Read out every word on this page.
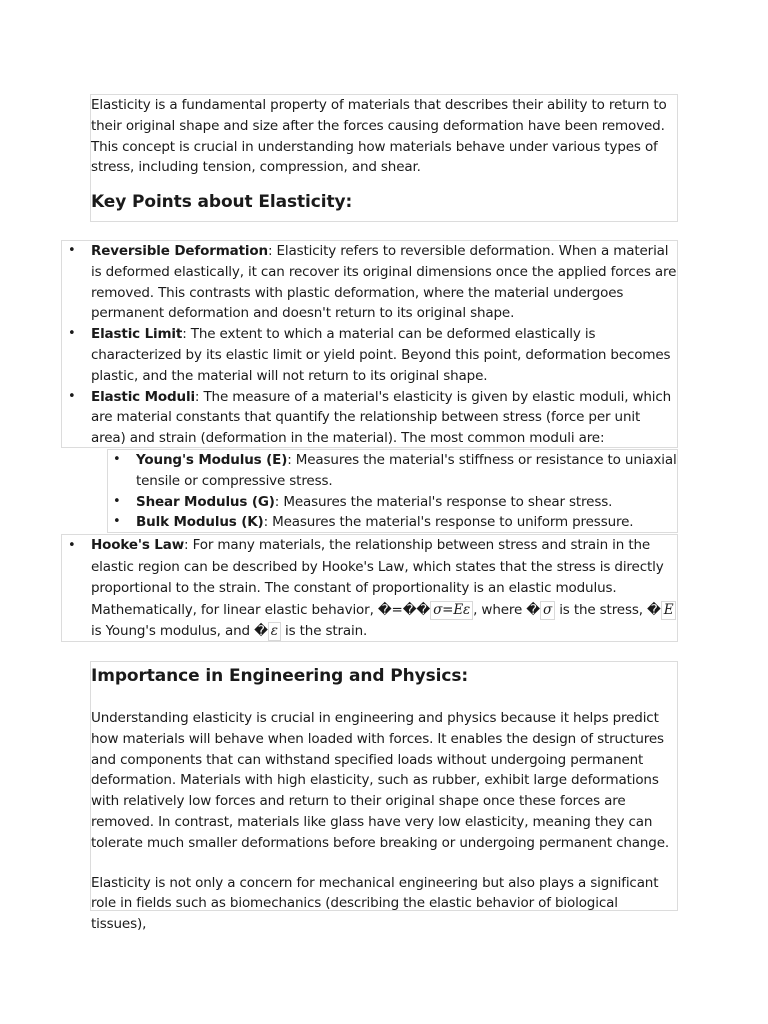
Elasticity is a fundamental property of materials that describes their ability to return to their original shape and size after the forces causing deformation have been removed. This concept is crucial in understanding how materials behave under various types of stress, including tension, compression, and shear.

Key Points about Elasticity:
• Reversible Deformation: Elasticity refers to reversible deformation. When a material is deformed elastically, it can recover its original dimensions once the applied forces are removed. This contrasts with plastic deformation, where the material undergoes permanent deformation and doesn't return to its original shape.
• Elastic Limit: The extent to which a material can be deformed elastically is characterized by its elastic limit or yield point. Beyond this point, deformation becomes plastic, and the material will not return to its original shape.
• Elastic Moduli: The measure of a material's elasticity is given by elastic moduli, which are material constants that quantify the relationship between stress (force per unit area) and strain (deformation in the material). The most common moduli are:
• Young's Modulus (E): Measures the material's stiffness or resistance to uniaxial tensile or compressive stress.
• Shear Modulus (G): Measures the material's response to shear stress.
• Bulk Modulus (K): Measures the material's response to uniform pressure.
• Hooke's Law: For many materials, the relationship between stress and strain in the elastic region can be described by Hooke's Law, which states that the stress is directly proportional to the strain. The constant of proportionality is an elastic modulus. Mathematically, for linear elastic behavior, �=�� σ=Eε , where � σ is the stress, � E is Young's modulus, and � ε is the strain.
Importance in Engineering and Physics:

Understanding elasticity is crucial in engineering and physics because it helps predict how materials will behave when loaded with forces. It enables the design of structures and components that can withstand specified loads without undergoing permanent deformation. Materials with high elasticity, such as rubber, exhibit large deformations with relatively low forces and return to their original shape once these forces are removed. In contrast, materials like glass have very low elasticity, meaning they can tolerate much smaller deformations before breaking or undergoing permanent change.

Elasticity is not only a concern for mechanical engineering but also plays a significant role in fields such as biomechanics (describing the elastic behavior of biological tissues),
